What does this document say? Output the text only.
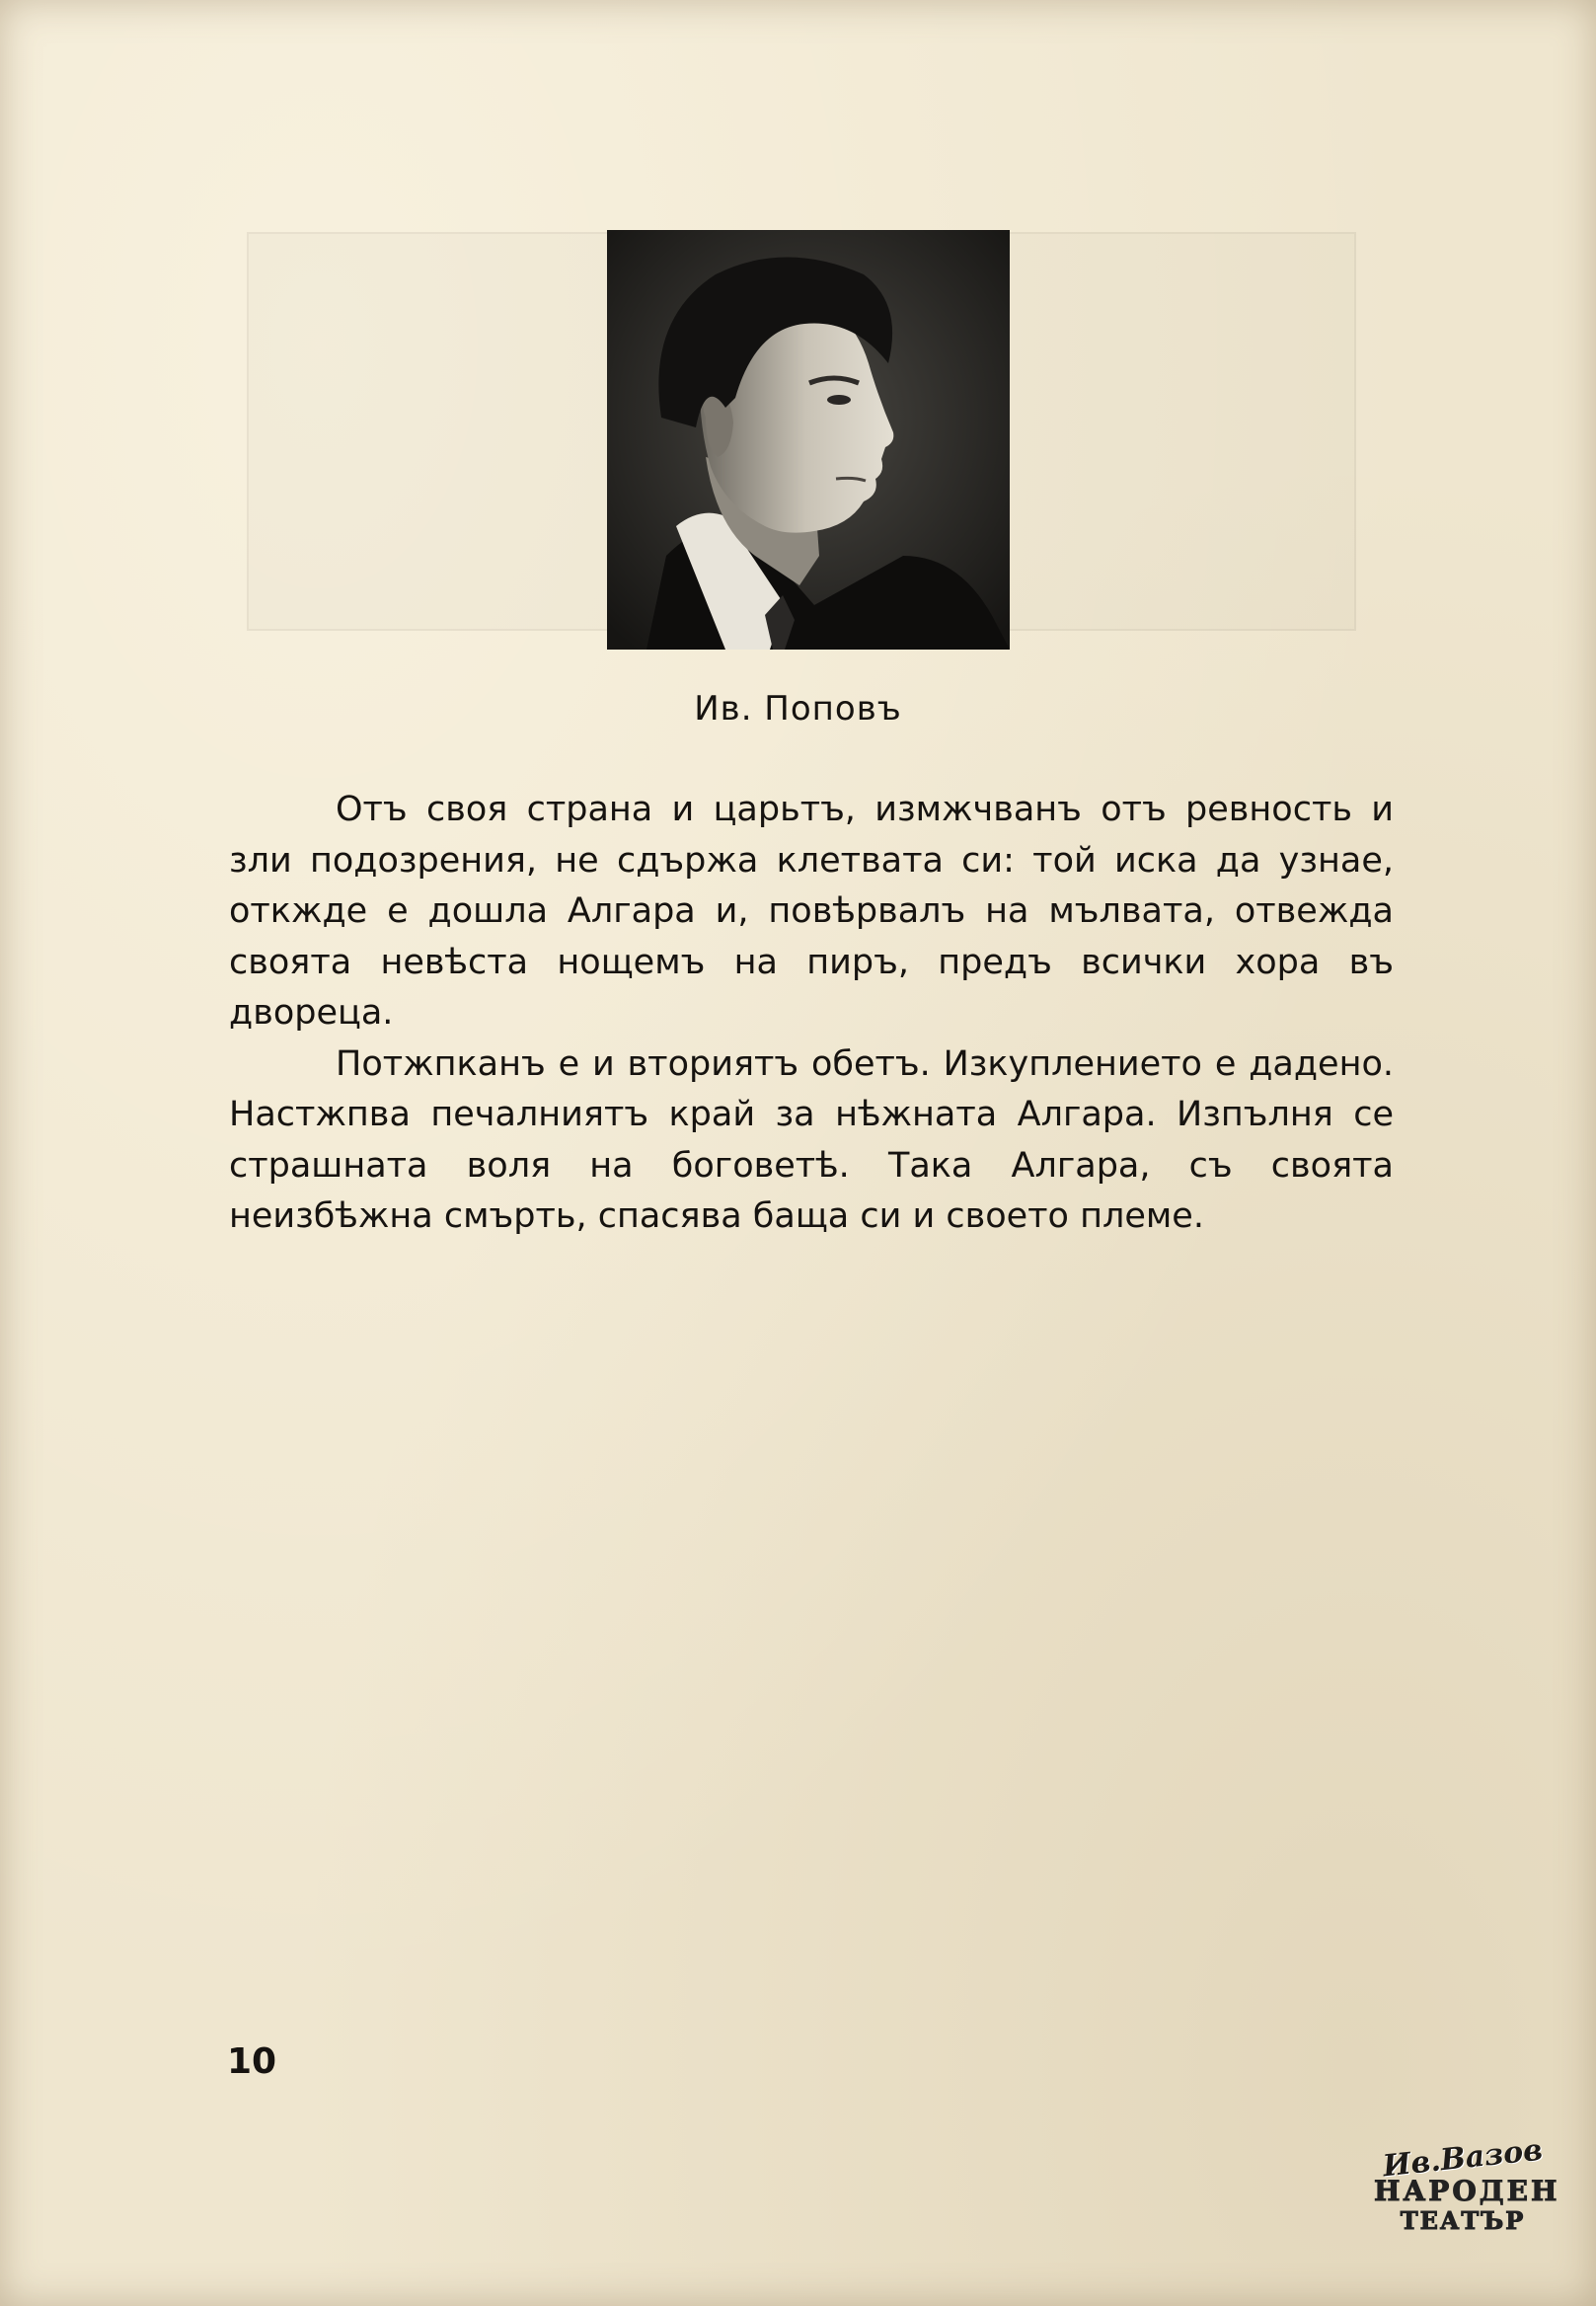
Ив. Поповъ

Отъ своя страна и царьтъ, измжчванъ отъ ревность и зли подозрения, не сдържа клетвата си: той иска да узнае, откжде е дошла Алгара и, повѣрвалъ на мълвата, отвежда своята невѣста нощемъ на пиръ, предъ всички хора въ двореца.

Потжпканъ е и вториятъ обетъ. Изкуплението е дадено. Настжпва печалниятъ край за нѣжната Алгара. Изпълня се страшната воля на боговетѣ. Така Алгара, съ своята неизбѣжна смърть, спасява баща си и своето племе.

10
Ив.Вазов
НАРОДЕН
ТЕАТЪР
